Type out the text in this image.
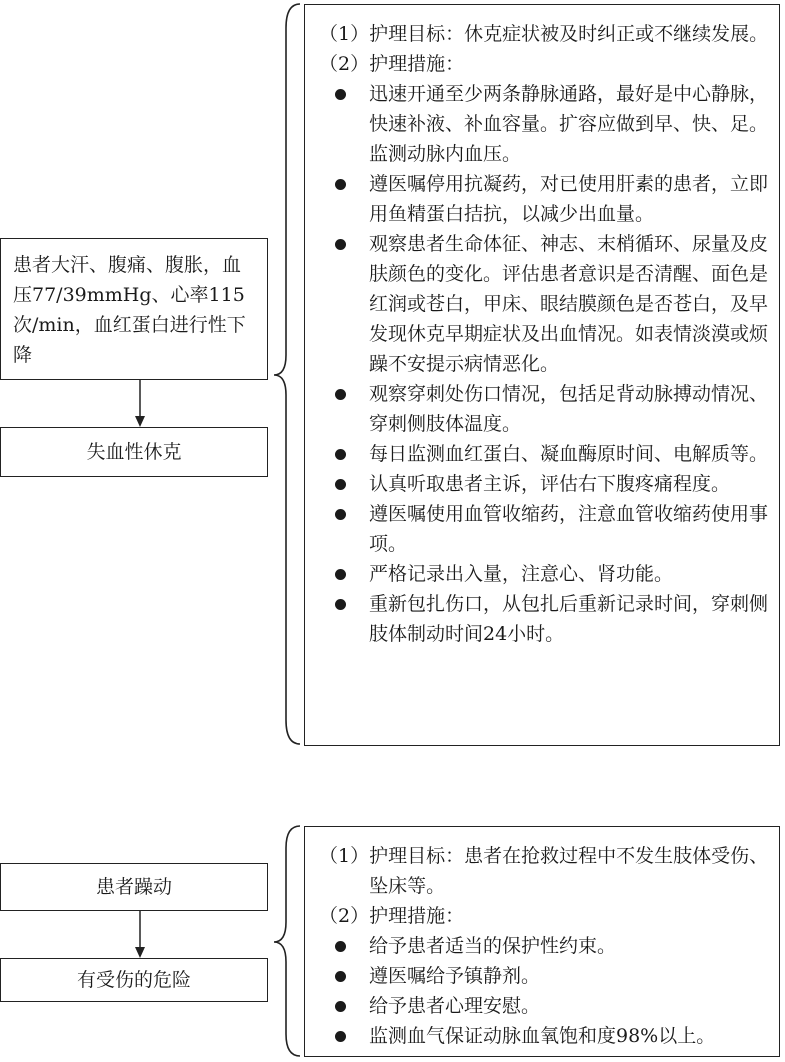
患者大汗、腹痛、腹胀，血压77/39mmHg、心率115次/min，血红蛋白进行性下降
失血性休克
（1） 护理目标：休克症状被及时纠正或不继续发展。
（2） 护理措施：
迅速开通至少两条静脉通路，最好是中心静脉，快速补液、补血容量。扩容应做到早、快、足。监测动脉内血压。
遵医嘱停用抗凝药，对已使用肝素的患者，立即用鱼精蛋白拮抗，以减少出血量。
观察患者生命体征、神志、末梢循环、尿量及皮肤颜色的变化。评估患者意识是否清醒、面色是红润或苍白，甲床、眼结膜颜色是否苍白，及早发现休克早期症状及出血情况。如表情淡漠或烦躁不安提示病情恶化。
观察穿刺处伤口情况，包括足背动脉搏动情况、穿刺侧肢体温度。
每日监测血红蛋白、凝血酶原时间、电解质等。
认真听取患者主诉，评估右下腹疼痛程度。
遵医嘱使用血管收缩药，注意血管收缩药使用事项。
严格记录出入量，注意心、肾功能。
重新包扎伤口，从包扎后重新记录时间，穿刺侧肢体制动时间24小时。
患者躁动
有受伤的危险
（1） 护理目标：患者在抢救过程中不发生肢体受伤、坠床等。
（2） 护理措施：
给予患者适当的保护性约束。
遵医嘱给予镇静剂。
给予患者心理安慰。
监测血气保证动脉血氧饱和度98%以上。
